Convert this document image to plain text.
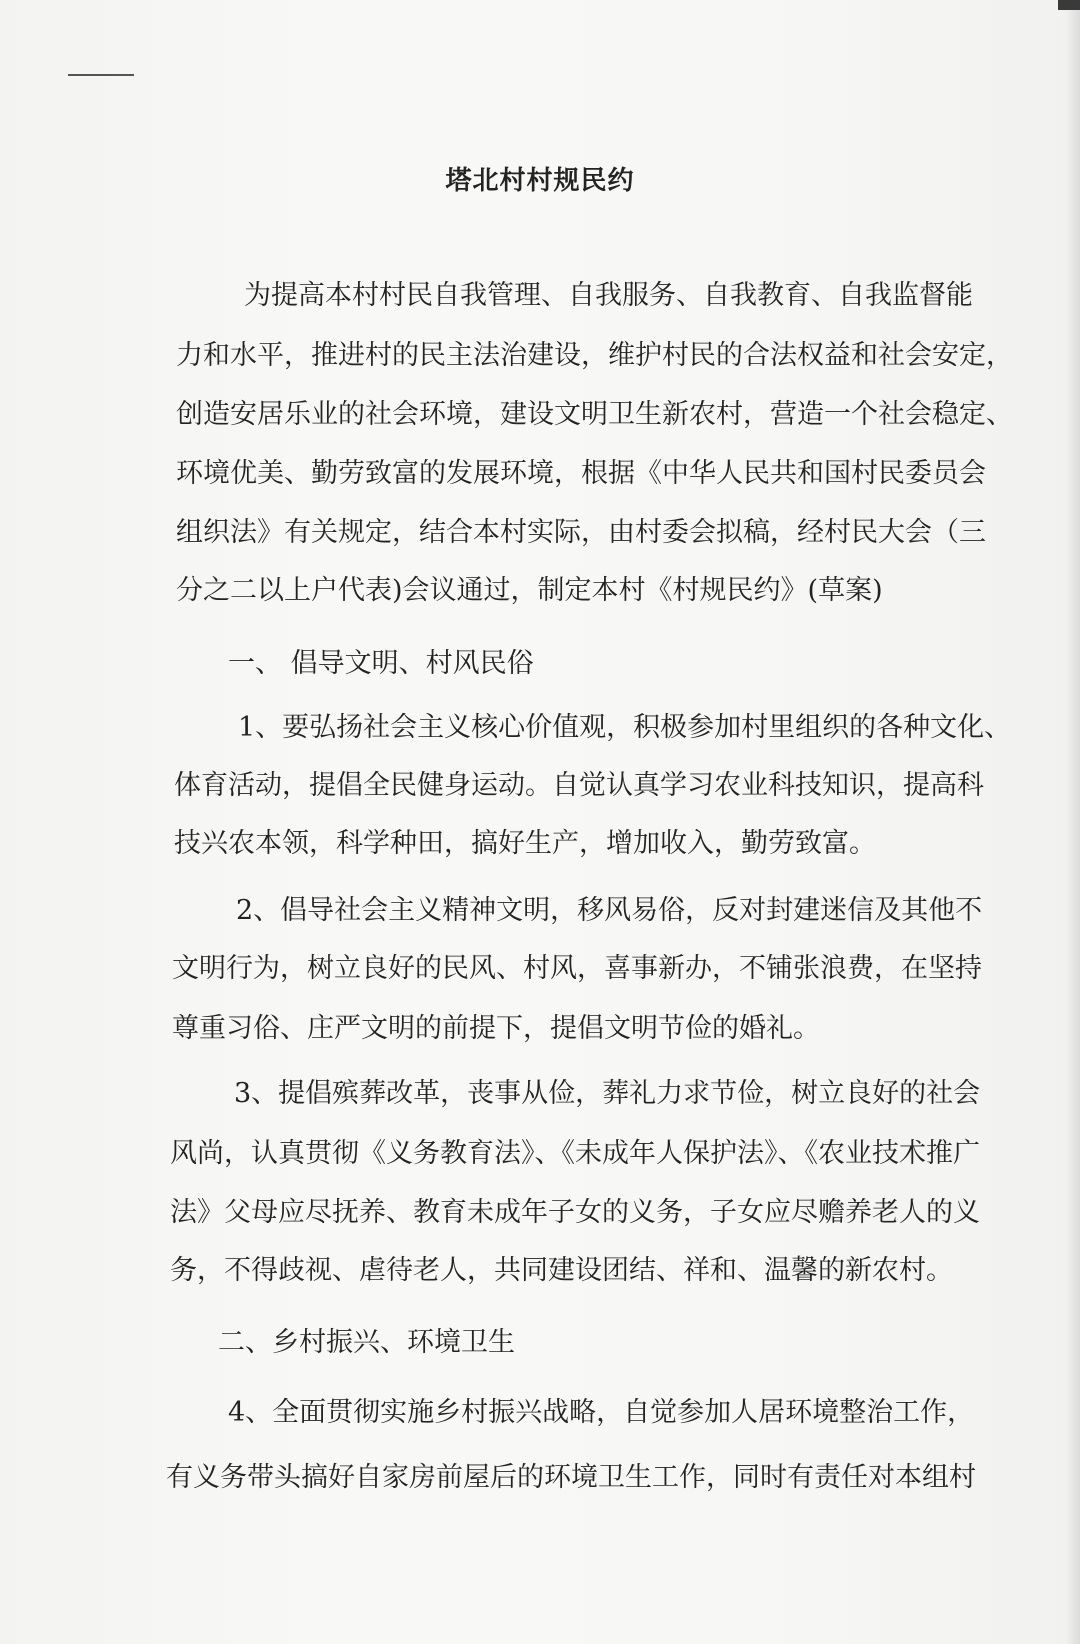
塔北村村规民约
为提高本村村民自我管理、自我服务、自我教育、自我监督能
力和水平，推进村的民主法治建设，维护村民的合法权益和社会安定，
创造安居乐业的社会环境，建设文明卫生新农村，营造一个社会稳定、
环境优美、勤劳致富的发展环境，根据《中华人民共和国村民委员会
组织法》有关规定，结合本村实际，由村委会拟稿，经村民大会（三
分之二以上户代表)会议通过，制定本村《村规民约》(草案)
一、 倡导文明、村风民俗
1、要弘扬社会主义核心价值观，积极参加村里组织的各种文化、
体育活动，提倡全民健身运动。自觉认真学习农业科技知识，提高科
技兴农本领，科学种田，搞好生产，增加收入，勤劳致富。
2、倡导社会主义精神文明，移风易俗，反对封建迷信及其他不
文明行为，树立良好的民风、村风，喜事新办，不铺张浪费，在坚持
尊重习俗、庄严文明的前提下，提倡文明节俭的婚礼。
3、提倡殡葬改革，丧事从俭，葬礼力求节俭，树立良好的社会
风尚，认真贯彻《义务教育法》、《未成年人保护法》、《农业技术推广
法》父母应尽抚养、教育未成年子女的义务，子女应尽赡养老人的义
务，不得歧视、虐待老人，共同建设团结、祥和、温馨的新农村。
二、乡村振兴、环境卫生
4、全面贯彻实施乡村振兴战略，自觉参加人居环境整治工作，
有义务带头搞好自家房前屋后的环境卫生工作，同时有责任对本组村
